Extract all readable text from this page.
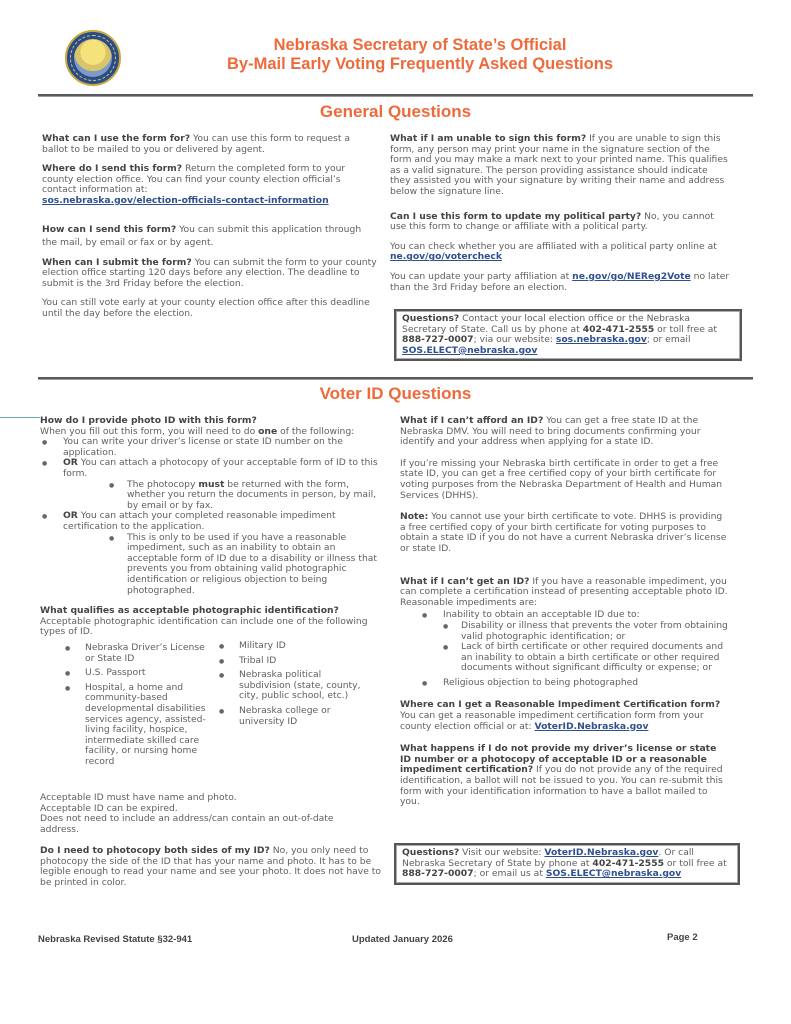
Nebraska Secretary of State’s Official
By-Mail Early Voting Frequently Asked Questions
General Questions

What can I use the form for? You can use this form to request a ballot to be mailed to you or delivered by agent.

Where do I send this form? Return the completed form to your county election office. You can find your county election official’s contact information at:
sos.nebraska.gov/election-officials-contact-information

How can I send this form? You can submit this application through the mail, by email or fax or by agent.

When can I submit the form? You can submit the form to your county election office starting 120 days before any election. The deadline to submit is the 3rd Friday before the election.

You can still vote early at your county election office after this deadline until the day before the election.

What if I am unable to sign this form? If you are unable to sign this form, any person may print your name in the signature section of the form and you may make a mark next to your printed name. This qualifies as a valid signature. The person providing assistance should indicate they assisted you with your signature by writing their name and address below the signature line.

Can I use this form to update my political party? No, you cannot use this form to change or affiliate with a political party.

You can check whether you are affiliated with a political party online at
ne.gov/go/votercheck

You can update your party affiliation at ne.gov/go/NEReg2Vote no later than the 3rd Friday before an election.

Questions? Contact your local election office or the Nebraska Secretary of State. Call us by phone at 402-471-2555 or toll free at 888-727-0007; via our website: sos.nebraska.gov; or email SOS.ELECT@nebraska.gov
Voter ID Questions
How do I provide photo ID with this form?
When you fill out this form, you will need to do one of the following:
● You can write your driver’s license or state ID number on the application.
● OR You can attach a photocopy of your acceptable form of ID to this form.
● The photocopy must be returned with the form, whether you return the documents in person, by mail, by email or by fax.
● OR You can attach your completed reasonable impediment certification to the application.
● This is only to be used if you have a reasonable impediment, such as an inability to obtain an acceptable form of ID due to a disability or illness that prevents you from obtaining valid photographic identification or religious objection to being photographed.
What qualifies as acceptable photographic identification? Acceptable photographic identification can include one of the following types of ID.
● Nebraska Driver’s License or State ID
● U.S. Passport
● Hospital, a home and community-based developmental disabilities services agency, assisted-living facility, hospice, intermediate skilled care facility, or nursing home record
● Military ID
● Tribal ID
● Nebraska political subdivision (state, county, city, public school, etc.)
● Nebraska college or university ID
Acceptable ID must have name and photo.
Acceptable ID can be expired.
Does not need to include an address/can contain an out-of-date address.
Do I need to photocopy both sides of my ID? No, you only need to photocopy the side of the ID that has your name and photo. It has to be legible enough to read your name and see your photo. It does not have to be printed in color.

What if I can’t afford an ID? You can get a free state ID at the Nebraska DMV. You will need to bring documents confirming your identify and your address when applying for a state ID.

If you’re missing your Nebraska birth certificate in order to get a free state ID, you can get a free certified copy of your birth certificate for voting purposes from the Nebraska Department of Health and Human Services (DHHS).

Note: You cannot use your birth certificate to vote. DHHS is providing a free certified copy of your birth certificate for voting purposes to obtain a state ID if you do not have a current Nebraska driver’s license or state ID.

What if I can’t get an ID? If you have a reasonable impediment, you can complete a certification instead of presenting acceptable photo ID. Reasonable impediments are:
● Inability to obtain an acceptable ID due to:
● Disability or illness that prevents the voter from obtaining valid photographic identification; or
● Lack of birth certificate or other required documents and an inability to obtain a birth certificate or other required documents without significant difficulty or expense; or
● Religious objection to being photographed

Where can I get a Reasonable Impediment Certification form? You can get a reasonable impediment certification form from your county election official or at: VoterID.Nebraska.gov

What happens if I do not provide my driver’s license or state ID number or a photocopy of acceptable ID or a reasonable impediment certification? If you do not provide any of the required identification, a ballot will not be issued to you. You can re-submit this form with your identification information to have a ballot mailed to you.

Questions? Visit our website: VoterID.Nebraska.gov. Or call Nebraska Secretary of State by phone at 402-471-2555 or toll free at 888-727-0007; or email us at SOS.ELECT@nebraska.gov
Nebraska Revised Statute §32-941	Updated January 2026	Page 2
